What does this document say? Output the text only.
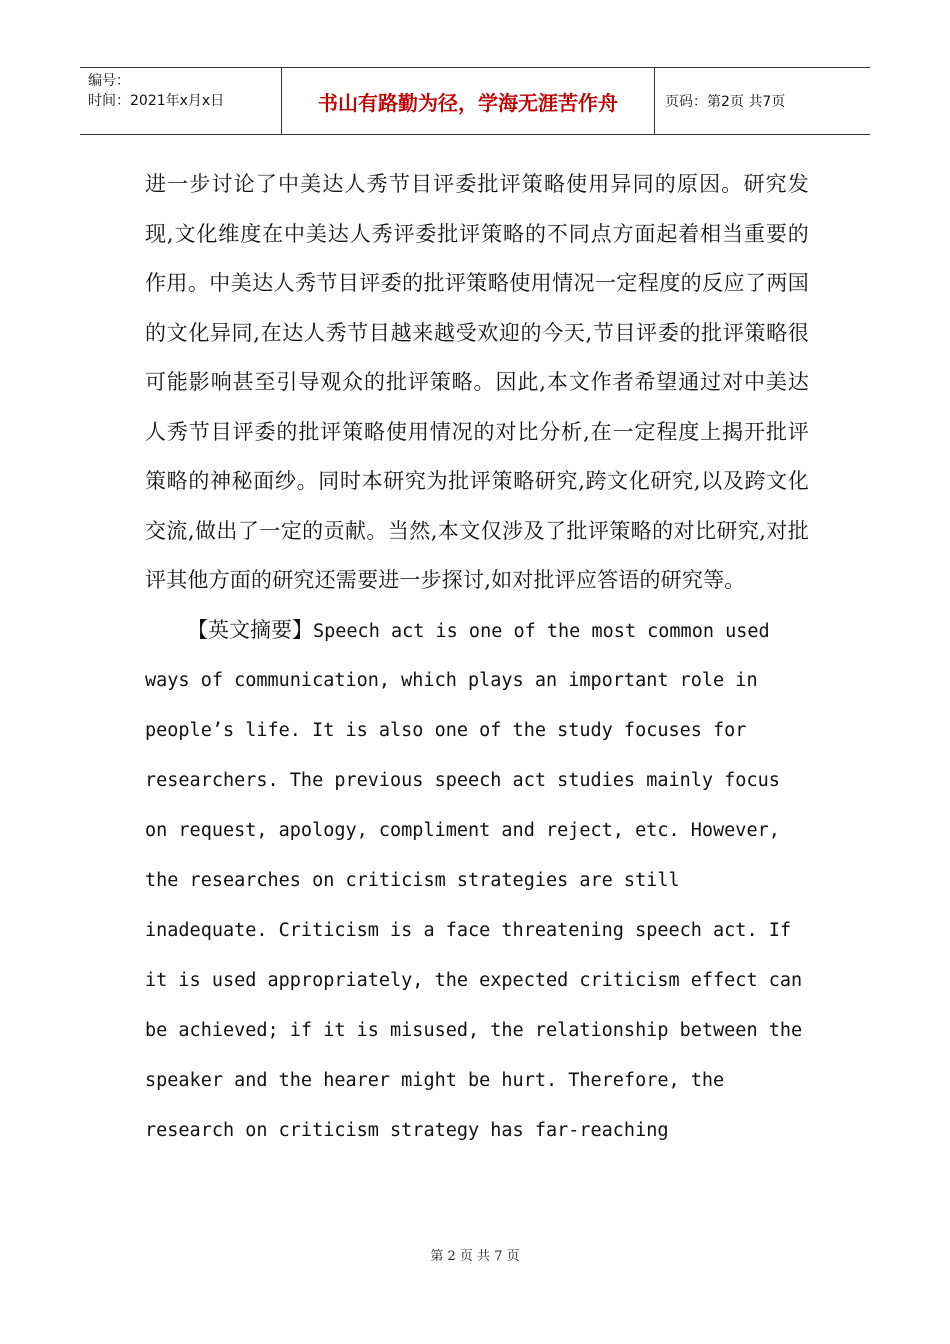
编号：
时间：2021年x月x日	书山有路勤为径，学海无涯苦作舟	页码：第2页 共7页

进一步讨论了中美达人秀节目评委批评策略使用异同的原因。研究发现,文化维度在中美达人秀评委批评策略的不同点方面起着相当重要的作用。中美达人秀节目评委的批评策略使用情况一定程度的反应了两国的文化异同,在达人秀节目越来越受欢迎的今天,节目评委的批评策略很可能影响甚至引导观众的批评策略。因此,本文作者希望通过对中美达人秀节目评委的批评策略使用情况的对比分析,在一定程度上揭开批评策略的神秘面纱。同时本研究为批评策略研究,跨文化研究,以及跨文化交流,做出了一定的贡献。当然,本文仅涉及了批评策略的对比研究,对批评其他方面的研究还需要进一步探讨,如对批评应答语的研究等。

【英文摘要】Speech act is one of the most common used
ways of communication, which plays an important role in
people’s life. It is also one of the study focuses for
researchers. The previous speech act studies mainly focus
on request, apology, compliment and reject, etc. However,
the researches on criticism strategies are still
inadequate. Criticism is a face threatening speech act. If
it is used appropriately, the expected criticism effect can
be achieved; if it is misused, the relationship between the
speaker and the hearer might be hurt. Therefore, the
research on criticism strategy has far-reaching
第 2 页 共 7 页
